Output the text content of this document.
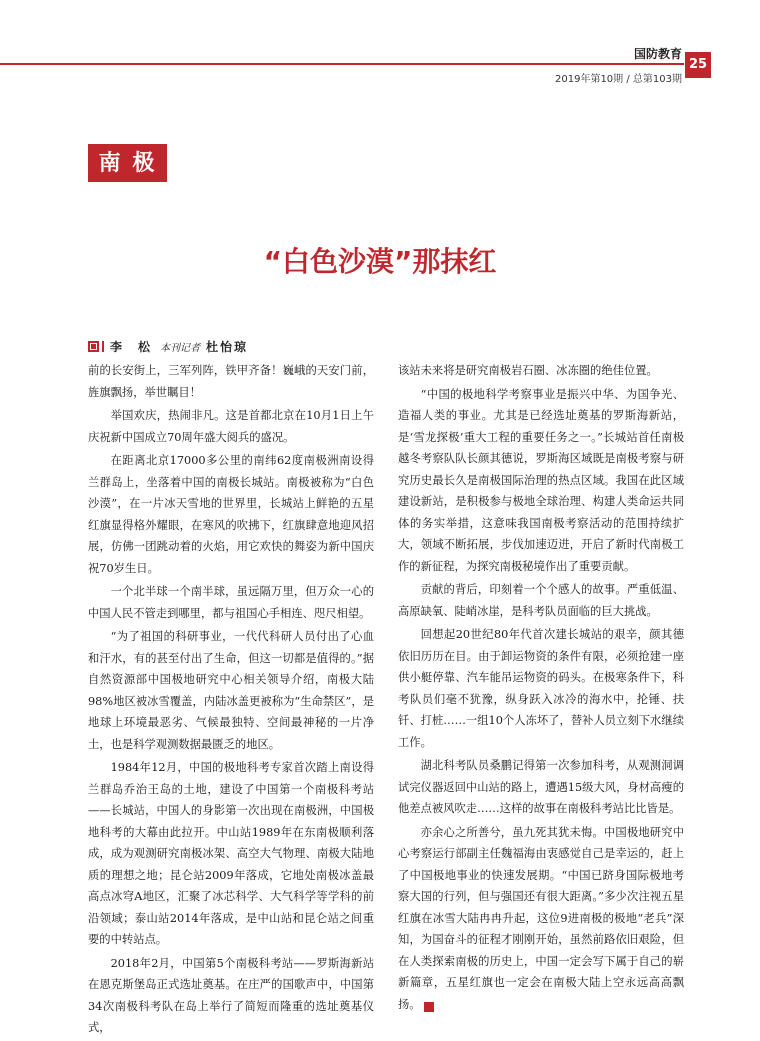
国防教育
2019年第10期 / 总第103期
25
南 极
“白色沙漠”那抹红
李　松 本刊记者 杜怡琼

前的长安街上，三军列阵，铁甲齐备！巍峨的天安门前，旌旗飘扬，举世瞩目！

举国欢庆，热闹非凡。这是首都北京在10月1日上午庆祝新中国成立70周年盛大阅兵的盛况。

在距离北京17000多公里的南纬62度南极洲南设得兰群岛上，坐落着中国的南极长城站。南极被称为“白色沙漠”，在一片冰天雪地的世界里，长城站上鲜艳的五星红旗显得格外耀眼，在寒风的吹拂下，红旗肆意地迎风招展，仿佛一团跳动着的火焰，用它欢快的舞姿为新中国庆祝70岁生日。

一个北半球一个南半球，虽远隔万里，但万众一心的中国人民不管走到哪里，都与祖国心手相连、咫尺相望。

“为了祖国的科研事业，一代代科研人员付出了心血和汗水，有的甚至付出了生命，但这一切都是值得的。”据自然资源部中国极地研究中心相关领导介绍，南极大陆98%地区被冰雪覆盖，内陆冰盖更被称为“生命禁区”，是地球上环境最恶劣、气候最独特、空间最神秘的一片净土，也是科学观测数据最匮乏的地区。

1984年12月，中国的极地科考专家首次踏上南设得兰群岛乔治王岛的土地，建设了中国第一个南极科考站——长城站，中国人的身影第一次出现在南极洲，中国极地科考的大幕由此拉开。中山站1989年在东南极顺利落成，成为观测研究南极冰架、高空大气物理、南极大陆地质的理想之地；昆仑站2009年落成，它地处南极冰盖最高点冰穹A地区，汇聚了冰芯科学、大气科学等学科的前沿领域；泰山站2014年落成，是中山站和昆仑站之间重要的中转站点。

2018年2月，中国第5个南极科考站——罗斯海新站在恩克斯堡岛正式选址奠基。在庄严的国歌声中，中国第34次南极科考队在岛上举行了简短而隆重的选址奠基仪式，

该站未来将是研究南极岩石圈、冰冻圈的绝佳位置。

“中国的极地科学考察事业是振兴中华、为国争光、造福人类的事业。尤其是已经选址奠基的罗斯海新站，是‘雪龙探极’重大工程的重要任务之一。”长城站首任南极越冬考察队队长颜其德说，罗斯海区域既是南极考察与研究历史最长久是南极国际治理的热点区域。我国在此区域建设新站，是积极参与极地全球治理、构建人类命运共同体的务实举措，这意味我国南极考察活动的范围持续扩大，领域不断拓展，步伐加速迈进，开启了新时代南极工作的新征程，为探究南极秘境作出了重要贡献。

贡献的背后，印刻着一个个感人的故事。严重低温、高原缺氧、陡峭冰崖，是科考队员面临的巨大挑战。

回想起20世纪80年代首次建长城站的艰辛，颜其德依旧历历在目。由于卸运物资的条件有限，必须抢建一座供小艇停靠、汽车能吊运物资的码头。在极寒条件下，科考队员们毫不犹豫，纵身跃入冰冷的海水中，抡锤、扶钎、打桩……一组10个人冻坏了，替补人员立刻下水继续工作。

湖北科考队员桑鹏记得第一次参加科考，从观测洞调试完仪器返回中山站的路上，遭遇15级大风，身材高瘦的他差点被风吹走……这样的故事在南极科考站比比皆是。

亦余心之所善兮，虽九死其犹未悔。中国极地研究中心考察运行部副主任魏福海由衷感觉自己是幸运的，赶上了中国极地事业的快速发展期。“中国已跻身国际极地考察大国的行列，但与强国还有很大距离。”多少次注视五星红旗在冰雪大陆冉冉升起，这位9进南极的极地“老兵”深知，为国奋斗的征程才刚刚开始，虽然前路依旧艰险，但在人类探索南极的历史上，中国一定会写下属于自己的崭新篇章，五星红旗也一定会在南极大陆上空永远高高飘扬。	G
